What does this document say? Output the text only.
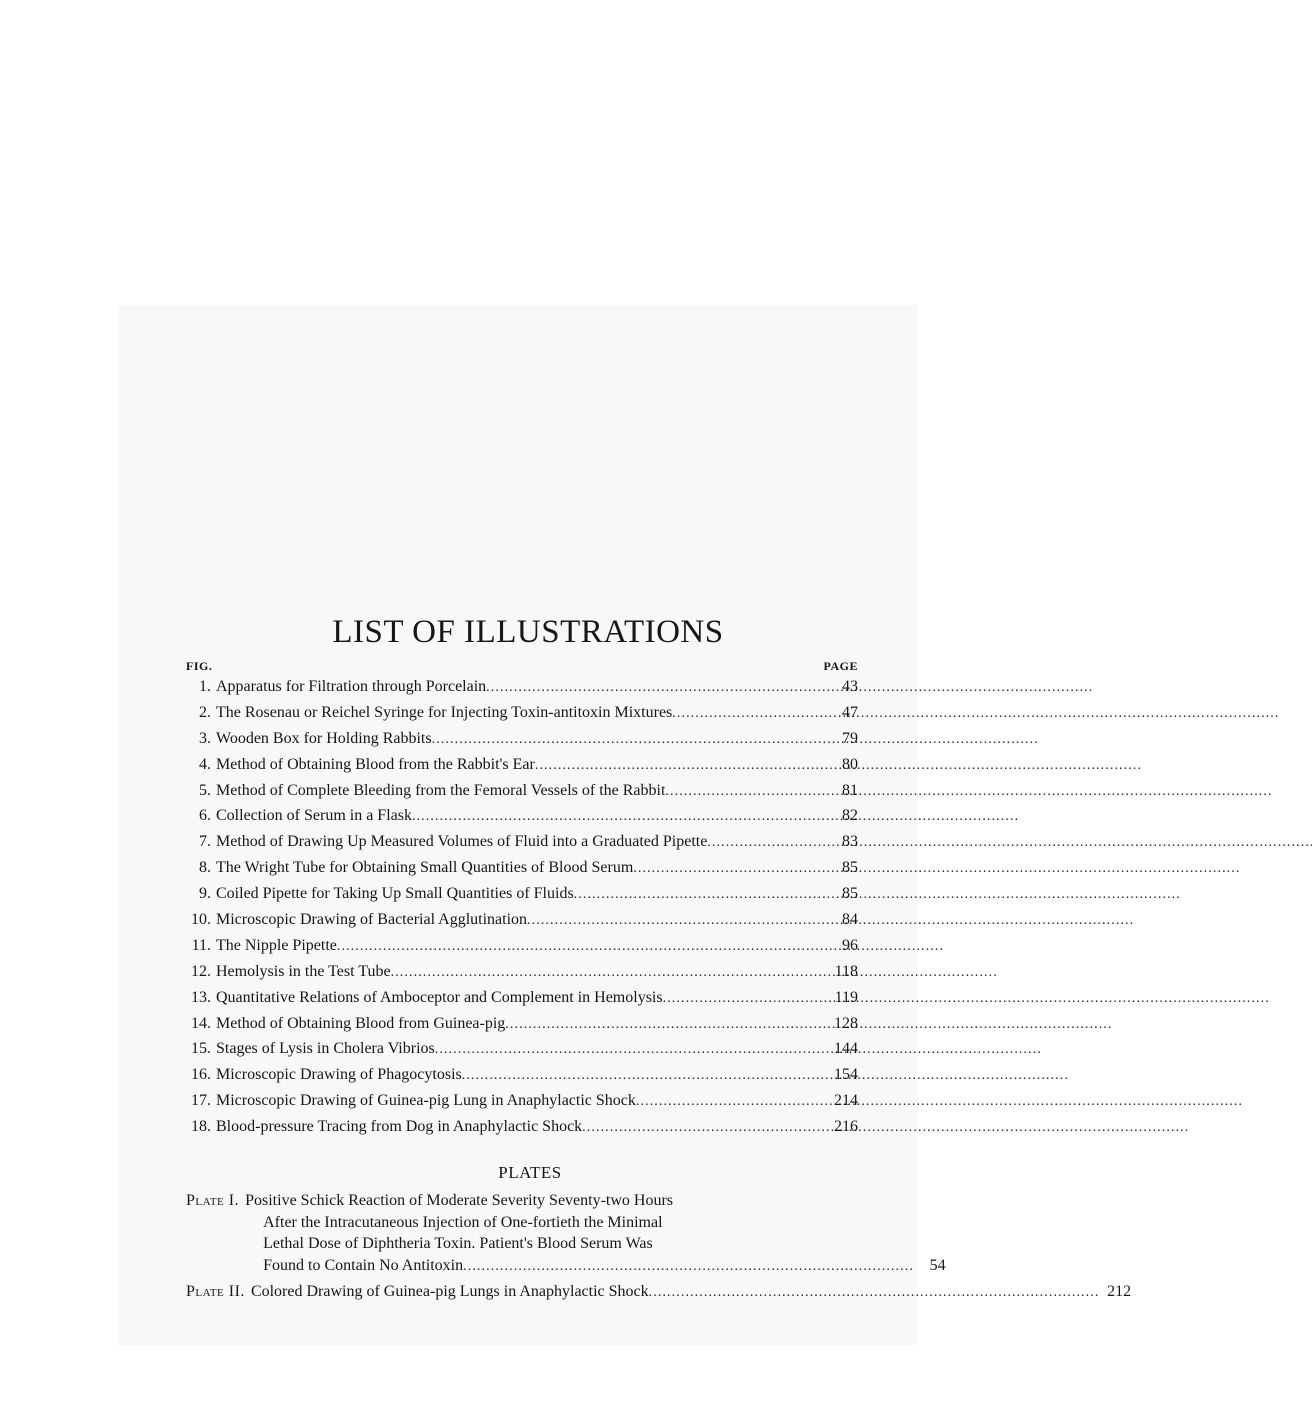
LIST OF ILLUSTRATIONS
FIG.	PAGE
1. Apparatus for Filtration through Porcelain . . .	43
2. The Rosenau or Reichel Syringe for Injecting Toxin-antitoxin Mixtures . . .	47
3. Wooden Box for Holding Rabbits . . .	79
4. Method of Obtaining Blood from the Rabbit's Ear . . .	80
5. Method of Complete Bleeding from the Femoral Vessels of the Rabbit . . .	81
6. Collection of Serum in a Flask . . .	82
7. Method of Drawing Up Measured Volumes of Fluid into a Graduated Pipette . . .	83
8. The Wright Tube for Obtaining Small Quantities of Blood Serum . . .	85
9. Coiled Pipette for Taking Up Small Quantities of Fluids . . .	85
10. Microscopic Drawing of Bacterial Agglutination . . .	84
11. The Nipple Pipette . . .	96
12. Hemolysis in the Test Tube . . .	118
13. Quantitative Relations of Amboceptor and Complement in Hemolysis . . .	119
14. Method of Obtaining Blood from Guinea-pig . . .	128
15. Stages of Lysis in Cholera Vibrios . . .	144
16. Microscopic Drawing of Phagocytosis . . .	154
17. Microscopic Drawing of Guinea-pig Lung in Anaphylactic Shock . . .	214
18. Blood-pressure Tracing from Dog in Anaphylactic Shock . . .	216
PLATES
Plate I. Positive Schick Reaction of Moderate Severity Seventy-two Hours
After the Intracutaneous Injection of One-fortieth the Minimal
Lethal Dose of Diphtheria Toxin. Patient's Blood Serum Was
Found to Contain No Antitoxin . . .	54
Plate II. Colored Drawing of Guinea-pig Lungs in Anaphylactic Shock . . .	212
